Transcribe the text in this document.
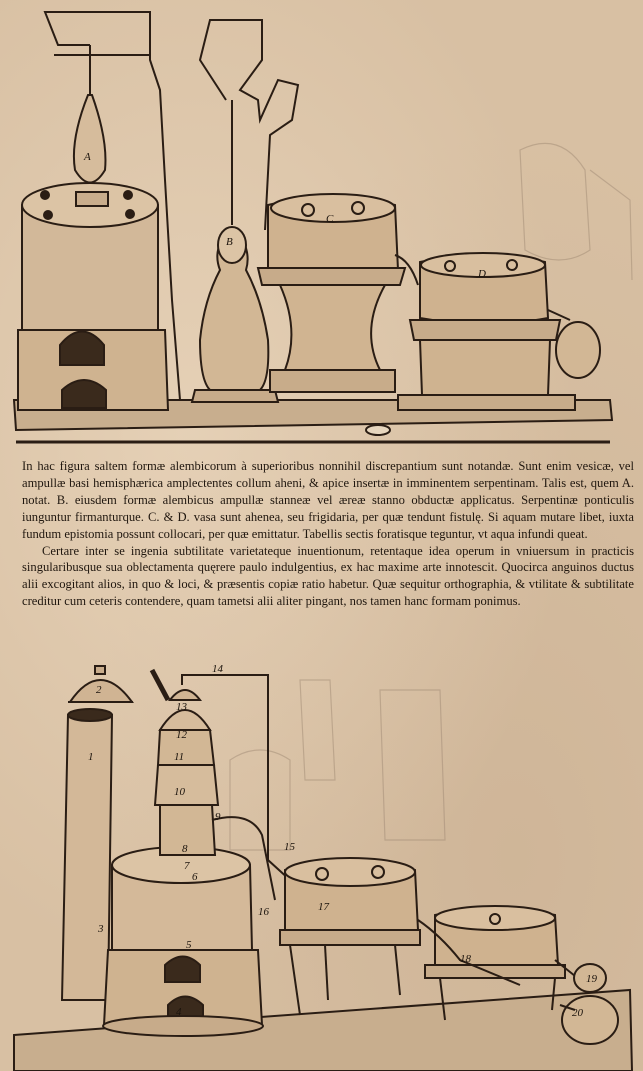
A
B
C
D

In hac figura saltem formæ alembicorum à superioribus nonnihil discrepantium sunt notandæ. Sunt enim vesicæ, vel ampullæ basi hemisphærica amplectentes collum aheni, & apice insertæ in imminentem serpentinam. Talis est, quem A. notat. B. eiusdem formæ alembicus ampullæ stanneæ vel æreæ stanno obductæ applicatus. Serpentinæ ponticulis iunguntur firmanturque. C. & D. vasa sunt ahenea, seu frigidaria, per quæ tendunt fistulę. Si aquam mutare libet, iuxta fundum epistomia possunt collocari, per quæ emittatur. Tabellis sectis foratisque teguntur, vt aqua infundi queat.

Certare inter se ingenia subtilitate varietateque inuentionum, retentaque idea operum in vniuersum in practicis singularibusque sua oblectamenta quęrere paulo indulgentius, ex hac maxime arte innotescit. Quocirca anguinos ductus alii excogitant alios, in quo & loci, & præsentis copiæ ratio habetur. Quæ sequitur orthographia, & vtilitate & subtilitate creditur cum ceteris contendere, quam tametsi alii aliter pingant, nos tamen hanc formam ponimus.

1
2
3
4
5
6
7
8
9
10
11
12
13
14
15
16	17
18
19
20
